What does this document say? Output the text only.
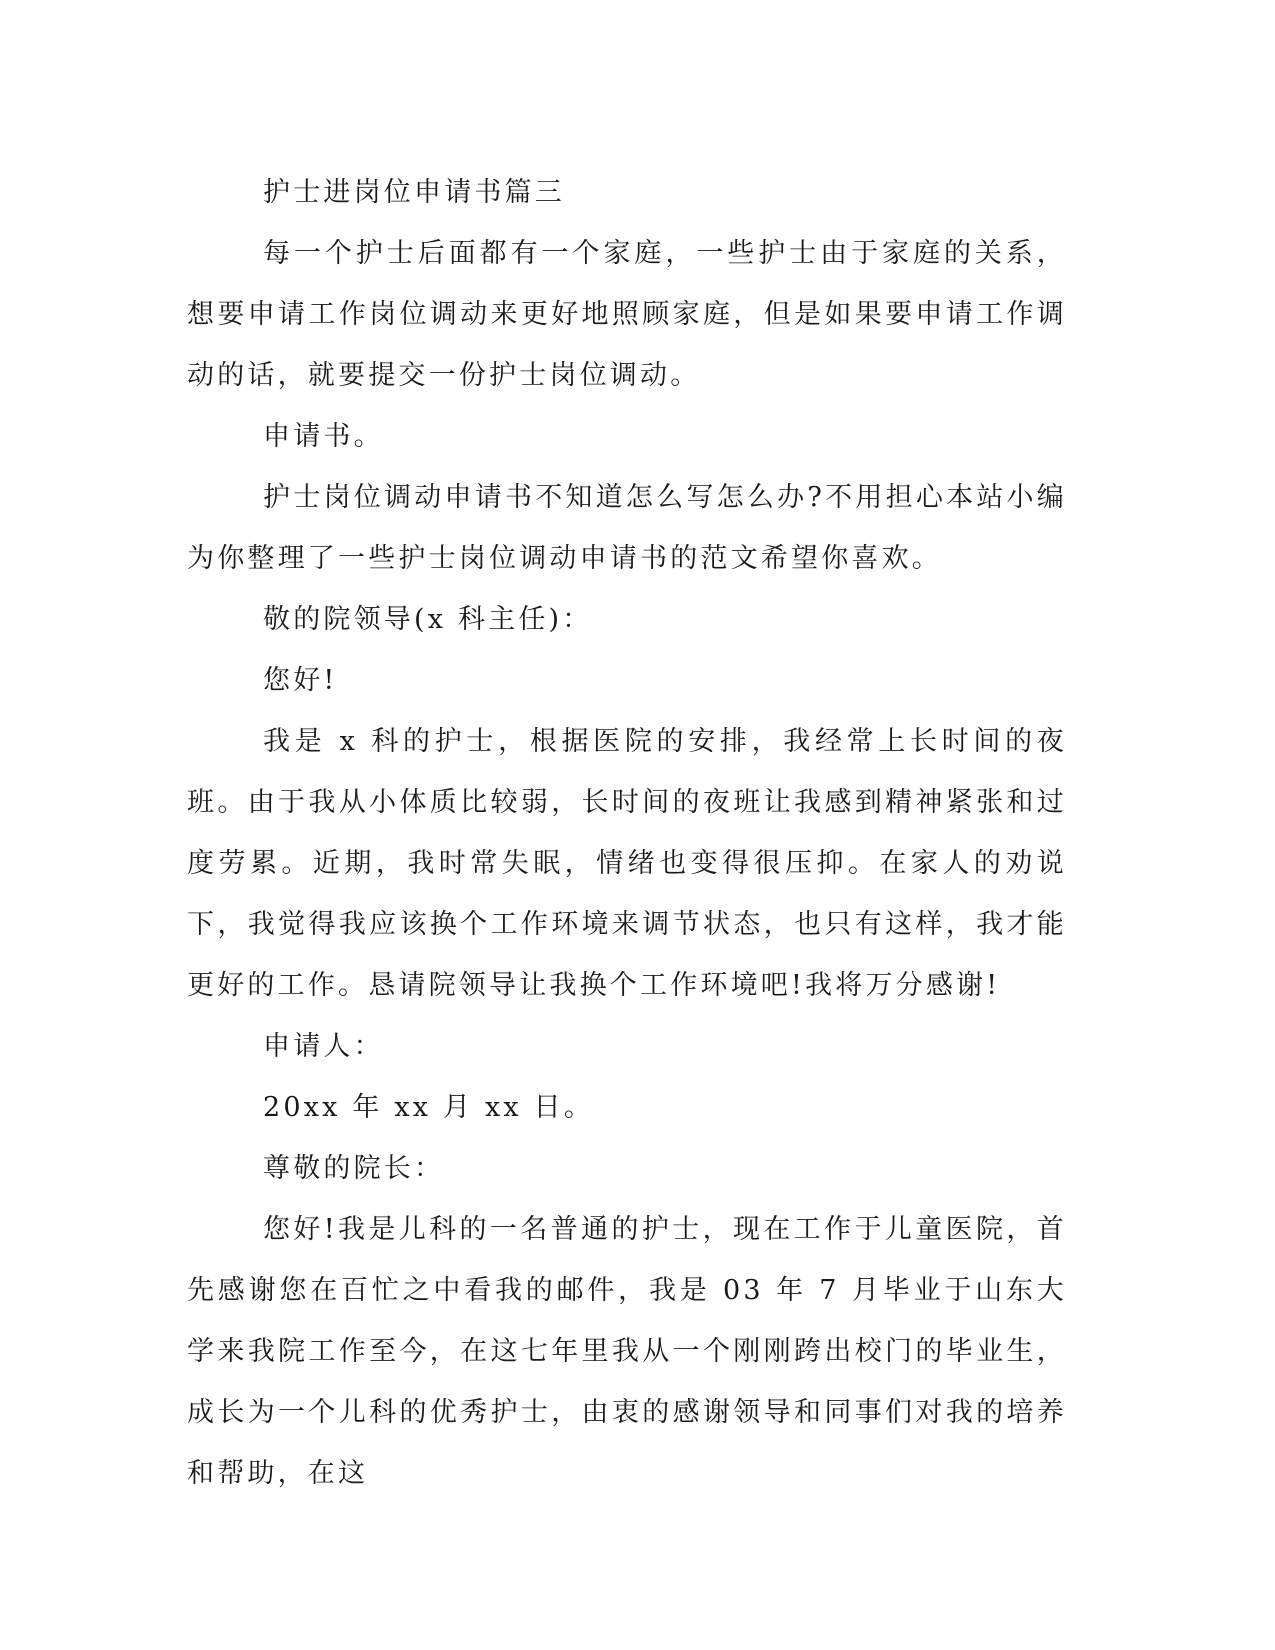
护士进岗位申请书篇三

每一个护士后面都有一个家庭，一些护士由于家庭的关系，想要申请工作岗位调动来更好地照顾家庭，但是如果要申请工作调动的话，就要提交一份护士岗位调动。

申请书。

护士岗位调动申请书不知道怎么写怎么办?不用担心本站小编为你整理了一些护士岗位调动申请书的范文希望你喜欢。

敬的院领导(x 科主任)：

您好!

我是 x 科的护士，根据医院的安排，我经常上长时间的夜班。由于我从小体质比较弱，长时间的夜班让我感到精神紧张和过度劳累。近期，我时常失眠，情绪也变得很压抑。在家人的劝说下，我觉得我应该换个工作环境来调节状态，也只有这样，我才能更好的工作。恳请院领导让我换个工作环境吧!我将万分感谢!

申请人：

20xx 年 xx 月 xx 日。

尊敬的院长：

您好!我是儿科的一名普通的护士，现在工作于儿童医院，首先感谢您在百忙之中看我的邮件，我是 03 年 7 月毕业于山东大学来我院工作至今，在这七年里我从一个刚刚跨出校门的毕业生，成长为一个儿科的优秀护士，由衷的感谢领导和同事们对我的培养和帮助，在这
